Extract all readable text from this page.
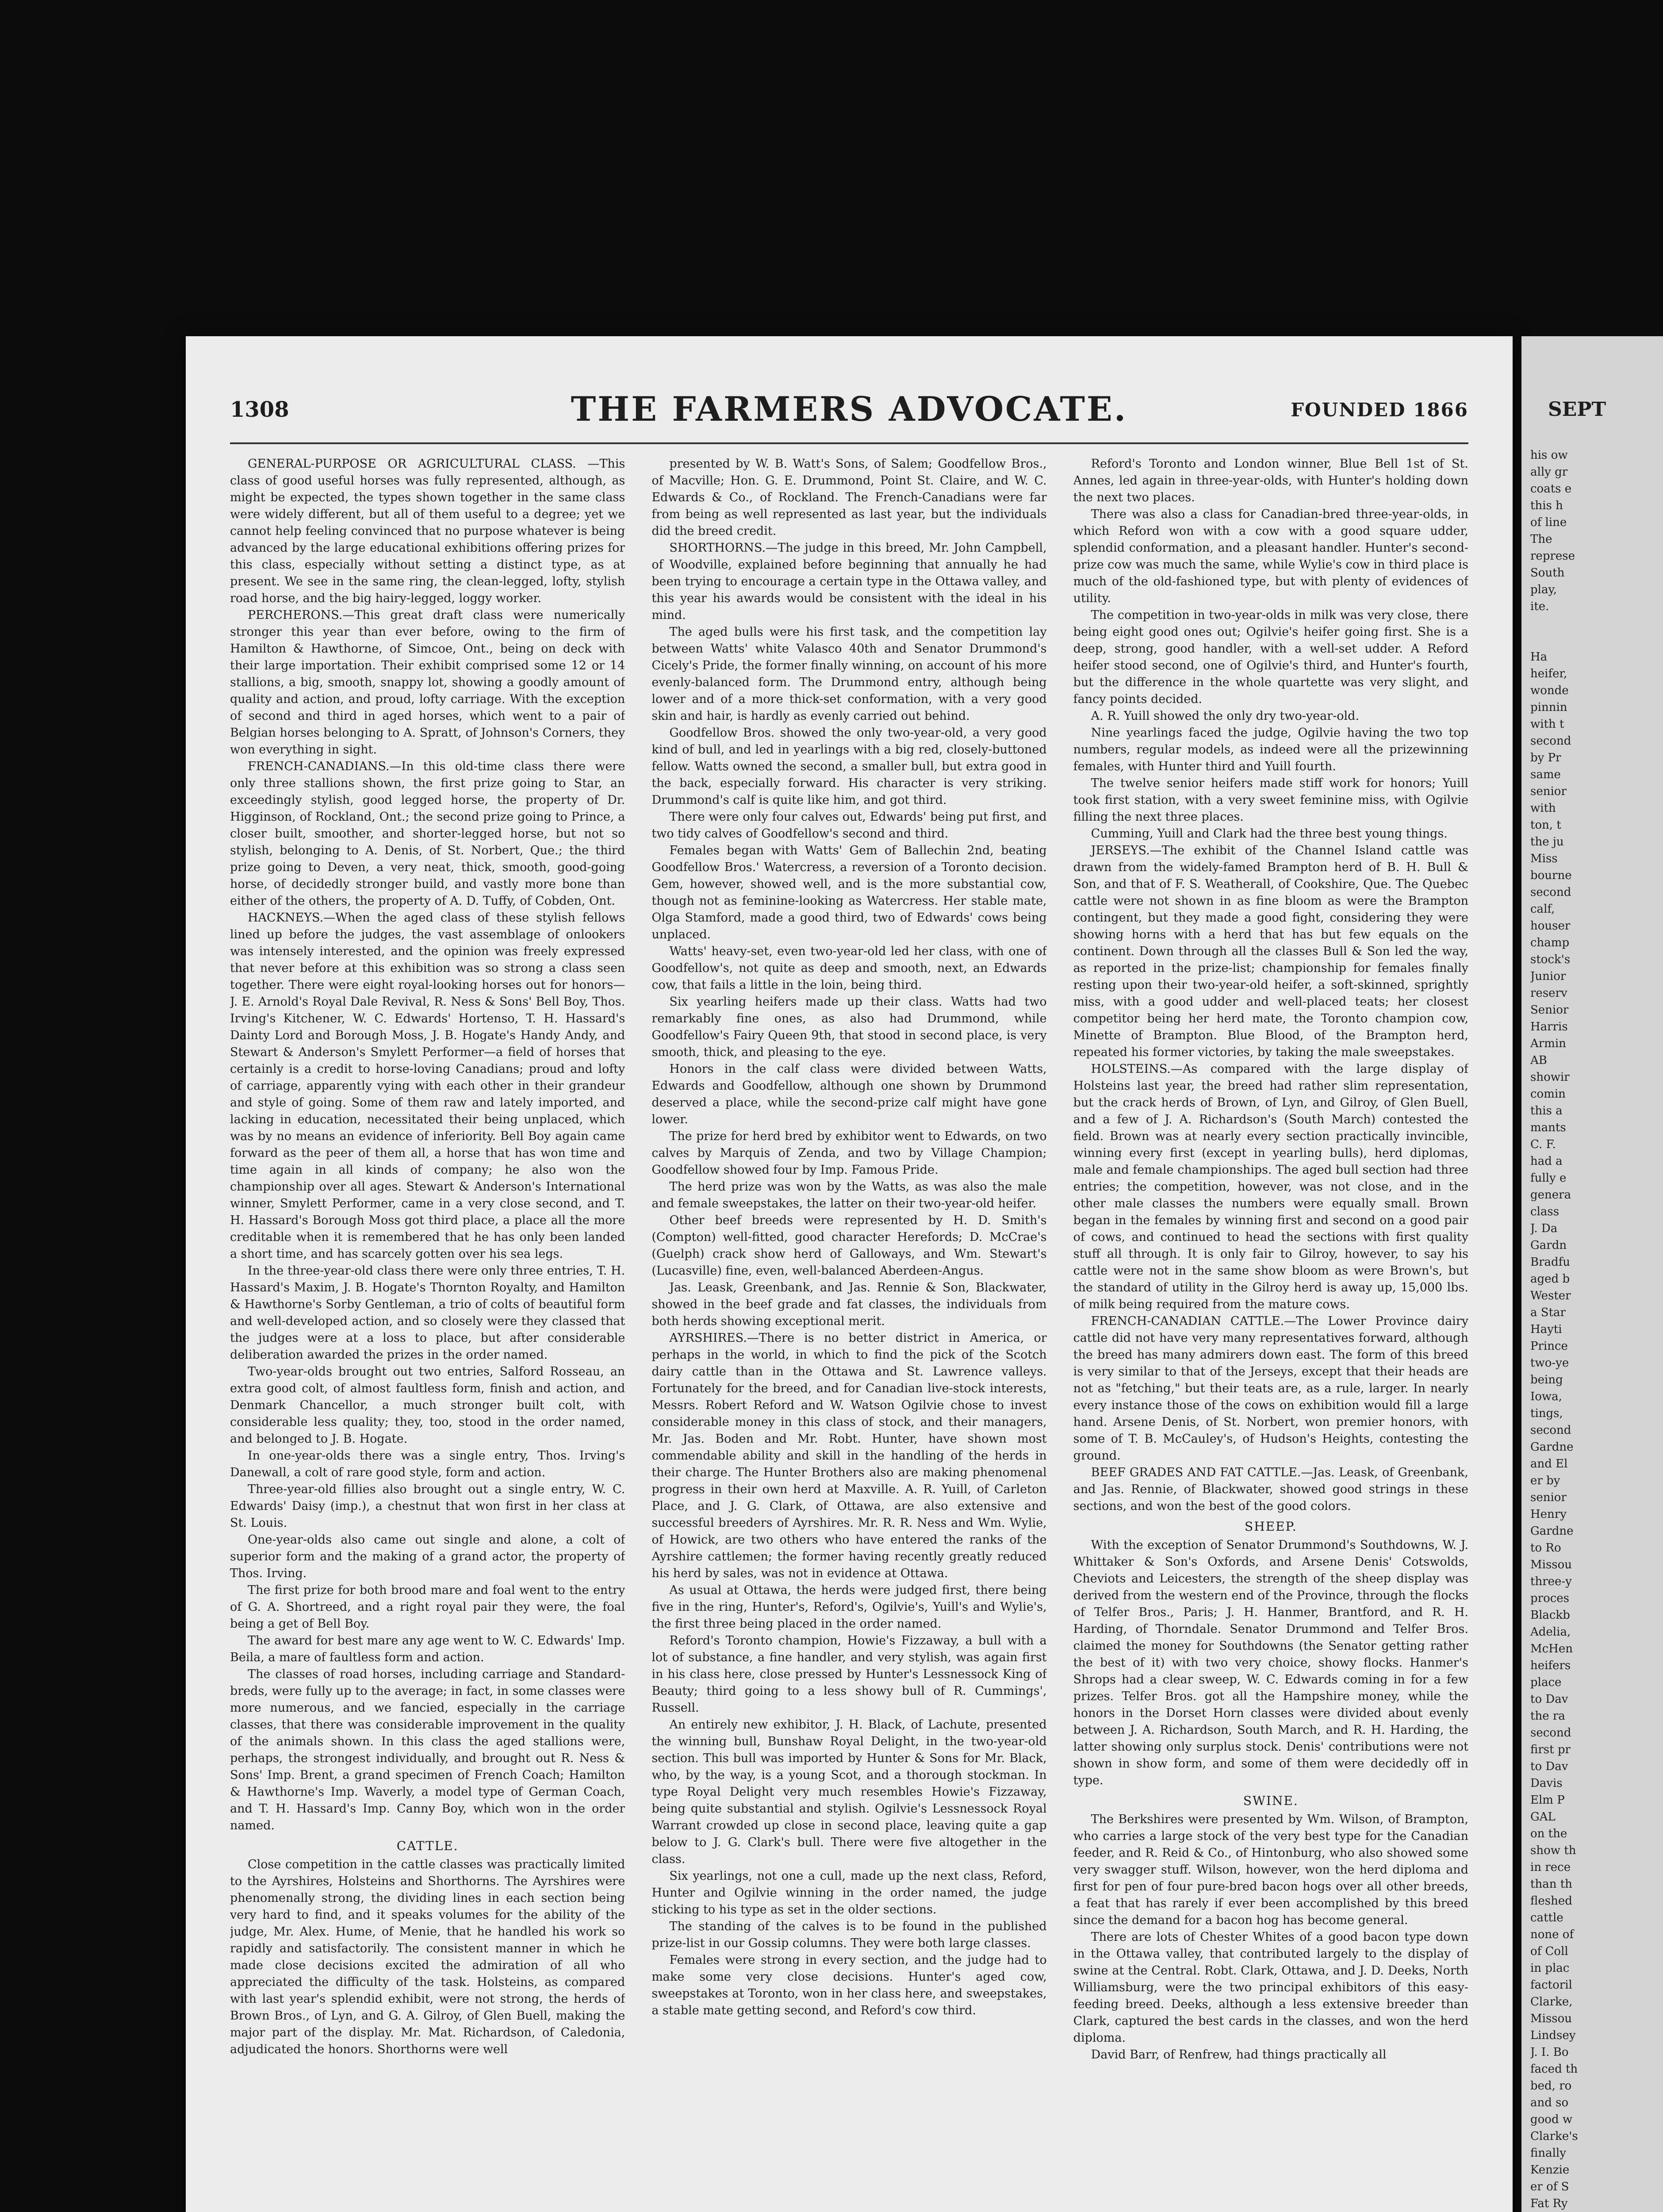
1308	THE FARMERS ADVOCATE.	FOUNDED 1866

GENERAL-PURPOSE OR AGRICULTURAL CLASS. —This class of good useful horses was fully represented, although, as might be expected, the types shown together in the same class were widely different, but all of them useful to a degree; yet we cannot help feeling convinced that no purpose whatever is being advanced by the large educational exhibitions offering prizes for this class, especially without setting a distinct type, as at present. We see in the same ring, the clean-legged, lofty, stylish road horse, and the big hairy-legged, loggy worker.

PERCHERONS.—This great draft class were numerically stronger this year than ever before, owing to the firm of Hamilton & Hawthorne, of Simcoe, Ont., being on deck with their large importation. Their exhibit comprised some 12 or 14 stallions, a big, smooth, snappy lot, showing a goodly amount of quality and action, and proud, lofty carriage. With the exception of second and third in aged horses, which went to a pair of Belgian horses belonging to A. Spratt, of Johnson's Corners, they won everything in sight.

FRENCH-CANADIANS.—In this old-time class there were only three stallions shown, the first prize going to Star, an exceedingly stylish, good legged horse, the property of Dr. Higginson, of Rockland, Ont.; the second prize going to Prince, a closer built, smoother, and shorter-legged horse, but not so stylish, belonging to A. Denis, of St. Norbert, Que.; the third prize going to Deven, a very neat, thick, smooth, good-going horse, of decidedly stronger build, and vastly more bone than either of the others, the property of A. D. Tuffy, of Cobden, Ont.

HACKNEYS.—When the aged class of these stylish fellows lined up before the judges, the vast assemblage of onlookers was intensely interested, and the opinion was freely expressed that never before at this exhibition was so strong a class seen together. There were eight royal-looking horses out for honors—J. E. Arnold's Royal Dale Revival, R. Ness & Sons' Bell Boy, Thos. Irving's Kitchener, W. C. Edwards' Hortenso, T. H. Hassard's Dainty Lord and Borough Moss, J. B. Hogate's Handy Andy, and Stewart & Anderson's Smylett Performer—a field of horses that certainly is a credit to horse-loving Canadians; proud and lofty of carriage, apparently vying with each other in their grandeur and style of going. Some of them raw and lately imported, and lacking in education, necessitated their being unplaced, which was by no means an evidence of inferiority. Bell Boy again came forward as the peer of them all, a horse that has won time and time again in all kinds of company; he also won the championship over all ages. Stewart & Anderson's International winner, Smylett Performer, came in a very close second, and T. H. Hassard's Borough Moss got third place, a place all the more creditable when it is remembered that he has only been landed a short time, and has scarcely gotten over his sea legs.

In the three-year-old class there were only three entries, T. H. Hassard's Maxim, J. B. Hogate's Thornton Royalty, and Hamilton & Hawthorne's Sorby Gentleman, a trio of colts of beautiful form and well-developed action, and so closely were they classed that the judges were at a loss to place, but after considerable deliberation awarded the prizes in the order named.

Two-year-olds brought out two entries, Salford Rosseau, an extra good colt, of almost faultless form, finish and action, and Denmark Chancellor, a much stronger built colt, with considerable less quality; they, too, stood in the order named, and belonged to J. B. Hogate.

In one-year-olds there was a single entry, Thos. Irving's Danewall, a colt of rare good style, form and action.

Three-year-old fillies also brought out a single entry, W. C. Edwards' Daisy (imp.), a chestnut that won first in her class at St. Louis.

One-year-olds also came out single and alone, a colt of superior form and the making of a grand actor, the property of Thos. Irving.

The first prize for both brood mare and foal went to the entry of G. A. Shortreed, and a right royal pair they were, the foal being a get of Bell Boy.

The award for best mare any age went to W. C. Edwards' Imp. Beila, a mare of faultless form and action.

The classes of road horses, including carriage and Standard-breds, were fully up to the average; in fact, in some classes were more numerous, and we fancied, especially in the carriage classes, that there was considerable improvement in the quality of the animals shown. In this class the aged stallions were, perhaps, the strongest individually, and brought out R. Ness & Sons' Imp. Brent, a grand specimen of French Coach; Hamilton & Hawthorne's Imp. Waverly, a model type of German Coach, and T. H. Hassard's Imp. Canny Boy, which won in the order named.

CATTLE.

Close competition in the cattle classes was practically limited to the Ayrshires, Holsteins and Shorthorns. The Ayrshires were phenomenally strong, the dividing lines in each section being very hard to find, and it speaks volumes for the ability of the judge, Mr. Alex. Hume, of Menie, that he handled his work so rapidly and satisfactorily. The consistent manner in which he made close decisions excited the admiration of all who appreciated the difficulty of the task. Holsteins, as compared with last year's splendid exhibit, were not strong, the herds of Brown Bros., of Lyn, and G. A. Gilroy, of Glen Buell, making the major part of the display. Mr. Mat. Richardson, of Caledonia, adjudicated the honors. Shorthorns were well

presented by W. B. Watt's Sons, of Salem; Goodfellow Bros., of Macville; Hon. G. E. Drummond, Point St. Claire, and W. C. Edwards & Co., of Rockland. The French-Canadians were far from being as well represented as last year, but the individuals did the breed credit.

SHORTHORNS.—The judge in this breed, Mr. John Campbell, of Woodville, explained before beginning that annually he had been trying to encourage a certain type in the Ottawa valley, and this year his awards would be consistent with the ideal in his mind.

The aged bulls were his first task, and the competition lay between Watts' white Valasco 40th and Senator Drummond's Cicely's Pride, the former finally winning, on account of his more evenly-balanced form. The Drummond entry, although being lower and of a more thick-set conformation, with a very good skin and hair, is hardly as evenly carried out behind.

Goodfellow Bros. showed the only two-year-old, a very good kind of bull, and led in yearlings with a big red, closely-buttoned fellow. Watts owned the second, a smaller bull, but extra good in the back, especially forward. His character is very striking. Drummond's calf is quite like him, and got third.

There were only four calves out, Edwards' being put first, and two tidy calves of Goodfellow's second and third.

Females began with Watts' Gem of Ballechin 2nd, beating Goodfellow Bros.' Watercress, a reversion of a Toronto decision. Gem, however, showed well, and is the more substantial cow, though not as feminine-looking as Watercress. Her stable mate, Olga Stamford, made a good third, two of Edwards' cows being unplaced.

Watts' heavy-set, even two-year-old led her class, with one of Goodfellow's, not quite as deep and smooth, next, an Edwards cow, that fails a little in the loin, being third.

Six yearling heifers made up their class. Watts had two remarkably fine ones, as also had Drummond, while Goodfellow's Fairy Queen 9th, that stood in second place, is very smooth, thick, and pleasing to the eye.

Honors in the calf class were divided between Watts, Edwards and Goodfellow, although one shown by Drummond deserved a place, while the second-prize calf might have gone lower.

The prize for herd bred by exhibitor went to Edwards, on two calves by Marquis of Zenda, and two by Village Champion; Goodfellow showed four by Imp. Famous Pride.

The herd prize was won by the Watts, as was also the male and female sweepstakes, the latter on their two-year-old heifer.

Other beef breeds were represented by H. D. Smith's (Compton) well-fitted, good character Herefords; D. McCrae's (Guelph) crack show herd of Galloways, and Wm. Stewart's (Lucasville) fine, even, well-balanced Aberdeen-Angus.

Jas. Leask, Greenbank, and Jas. Rennie & Son, Blackwater, showed in the beef grade and fat classes, the individuals from both herds showing exceptional merit.

AYRSHIRES.—There is no better district in America, or perhaps in the world, in which to find the pick of the Scotch dairy cattle than in the Ottawa and St. Lawrence valleys. Fortunately for the breed, and for Canadian live-stock interests, Messrs. Robert Reford and W. Watson Ogilvie chose to invest considerable money in this class of stock, and their managers, Mr. Jas. Boden and Mr. Robt. Hunter, have shown most commendable ability and skill in the handling of the herds in their charge. The Hunter Brothers also are making phenomenal progress in their own herd at Maxville. A. R. Yuill, of Carleton Place, and J. G. Clark, of Ottawa, are also extensive and successful breeders of Ayrshires. Mr. R. R. Ness and Wm. Wylie, of Howick, are two others who have entered the ranks of the Ayrshire cattlemen; the former having recently greatly reduced his herd by sales, was not in evidence at Ottawa.

As usual at Ottawa, the herds were judged first, there being five in the ring, Hunter's, Reford's, Ogilvie's, Yuill's and Wylie's, the first three being placed in the order named.

Reford's Toronto champion, Howie's Fizzaway, a bull with a lot of substance, a fine handler, and very stylish, was again first in his class here, close pressed by Hunter's Lessnessock King of Beauty; third going to a less showy bull of R. Cummings', Russell.

An entirely new exhibitor, J. H. Black, of Lachute, presented the winning bull, Bunshaw Royal Delight, in the two-year-old section. This bull was imported by Hunter & Sons for Mr. Black, who, by the way, is a young Scot, and a thorough stockman. In type Royal Delight very much resembles Howie's Fizzaway, being quite substantial and stylish. Ogilvie's Lessnessock Royal Warrant crowded up close in second place, leaving quite a gap below to J. G. Clark's bull. There were five altogether in the class.

Six yearlings, not one a cull, made up the next class, Reford, Hunter and Ogilvie winning in the order named, the judge sticking to his type as set in the older sections.

The standing of the calves is to be found in the published prize-list in our Gossip columns. They were both large classes.

Females were strong in every section, and the judge had to make some very close decisions. Hunter's aged cow, sweepstakes at Toronto, won in her class here, and sweepstakes, a stable mate getting second, and Reford's cow third.

Reford's Toronto and London winner, Blue Bell 1st of St. Annes, led again in three-year-olds, with Hunter's holding down the next two places.

There was also a class for Canadian-bred three-year-olds, in which Reford won with a cow with a good square udder, splendid conformation, and a pleasant handler. Hunter's second-prize cow was much the same, while Wylie's cow in third place is much of the old-fashioned type, but with plenty of evidences of utility.

The competition in two-year-olds in milk was very close, there being eight good ones out; Ogilvie's heifer going first. She is a deep, strong, good handler, with a well-set udder. A Reford heifer stood second, one of Ogilvie's third, and Hunter's fourth, but the difference in the whole quartette was very slight, and fancy points decided.

A. R. Yuill showed the only dry two-year-old.

Nine yearlings faced the judge, Ogilvie having the two top numbers, regular models, as indeed were all the prizewinning females, with Hunter third and Yuill fourth.

The twelve senior heifers made stiff work for honors; Yuill took first station, with a very sweet feminine miss, with Ogilvie filling the next three places.

Cumming, Yuill and Clark had the three best young things.

JERSEYS.—The exhibit of the Channel Island cattle was drawn from the widely-famed Brampton herd of B. H. Bull & Son, and that of F. S. Weatherall, of Cookshire, Que. The Quebec cattle were not shown in as fine bloom as were the Brampton contingent, but they made a good fight, considering they were showing horns with a herd that has but few equals on the continent. Down through all the classes Bull & Son led the way, as reported in the prize-list; championship for females finally resting upon their two-year-old heifer, a soft-skinned, sprightly miss, with a good udder and well-placed teats; her closest competitor being her herd mate, the Toronto champion cow, Minette of Brampton. Blue Blood, of the Brampton herd, repeated his former victories, by taking the male sweepstakes.

HOLSTEINS.—As compared with the large display of Holsteins last year, the breed had rather slim representation, but the crack herds of Brown, of Lyn, and Gilroy, of Glen Buell, and a few of J. A. Richardson's (South March) contested the field. Brown was at nearly every section practically invincible, winning every first (except in yearling bulls), herd diplomas, male and female championships. The aged bull section had three entries; the competition, however, was not close, and in the other male classes the numbers were equally small. Brown began in the females by winning first and second on a good pair of cows, and continued to head the sections with first quality stuff all through. It is only fair to Gilroy, however, to say his cattle were not in the same show bloom as were Brown's, but the standard of utility in the Gilroy herd is away up, 15,000 lbs. of milk being required from the mature cows.

FRENCH-CANADIAN CATTLE.—The Lower Province dairy cattle did not have very many representatives forward, although the breed has many admirers down east. The form of this breed is very similar to that of the Jerseys, except that their heads are not as "fetching," but their teats are, as a rule, larger. In nearly every instance those of the cows on exhibition would fill a large hand. Arsene Denis, of St. Norbert, won premier honors, with some of T. B. McCauley's, of Hudson's Heights, contesting the ground.

BEEF GRADES AND FAT CATTLE.—Jas. Leask, of Greenbank, and Jas. Rennie, of Blackwater, showed good strings in these sections, and won the best of the good colors.

SHEEP.

With the exception of Senator Drummond's Southdowns, W. J. Whittaker & Son's Oxfords, and Arsene Denis' Cotswolds, Cheviots and Leicesters, the strength of the sheep display was derived from the western end of the Province, through the flocks of Telfer Bros., Paris; J. H. Hanmer, Brantford, and R. H. Harding, of Thorndale. Senator Drummond and Telfer Bros. claimed the money for Southdowns (the Senator getting rather the best of it) with two very choice, showy flocks. Hanmer's Shrops had a clear sweep, W. C. Edwards coming in for a few prizes. Telfer Bros. got all the Hampshire money, while the honors in the Dorset Horn classes were divided about evenly between J. A. Richardson, South March, and R. H. Harding, the latter showing only surplus stock. Denis' contributions were not shown in show form, and some of them were decidedly off in type.

SWINE.

The Berkshires were presented by Wm. Wilson, of Brampton, who carries a large stock of the very best type for the Canadian feeder, and R. Reid & Co., of Hintonburg, who also showed some very swagger stuff. Wilson, however, won the herd diploma and first for pen of four pure-bred bacon hogs over all other breeds, a feat that has rarely if ever been accomplished by this breed since the demand for a bacon hog has become general.

There are lots of Chester Whites of a good bacon type down in the Ottawa valley, that contributed largely to the display of swine at the Central. Robt. Clark, Ottawa, and J. D. Deeks, North Williamsburg, were the two principal exhibitors of this easy-feeding breed. Deeks, although a less extensive breeder than Clark, captured the best cards in the classes, and won the herd diploma.

David Barr, of Renfrew, had things practically all

SEPT
his ow
ally gr
coats e
this h
of line
The
represe
South
play,
ite.
Ha
heifer,
wonde
pinnin
with t
second
by Pr
same
senior
with
ton, t
the ju
Miss
bourne
second
calf,
houser
champ
stock's
Junior
reserv
Senior
Harris
Armin
AB
showir
comin
this a
mants
C. F.
had a
fully e
genera
class
J. Da
Gardn
Bradfu
aged b
Wester
a Star
Hayti
Prince
two-ye
being
Iowa,
tings,
second
Gardne
and El
er by
senior
Henry
Gardne
to Ro
Missou
three-y
proces
Blackb
Adelia,
McHen
heifers
place
to Dav
the ra
second
first pr
to Dav
Davis
Elm P
GAL
on the
show th
in rece
than th
fleshed
cattle
none of
of Coll
in plac
factoril
Clarke,
Missou
Lindsey
J. I. Bo
faced th
bed, ro
and so
good w
Clarke's
finally
Kenzie
er of S
Fat Ry
